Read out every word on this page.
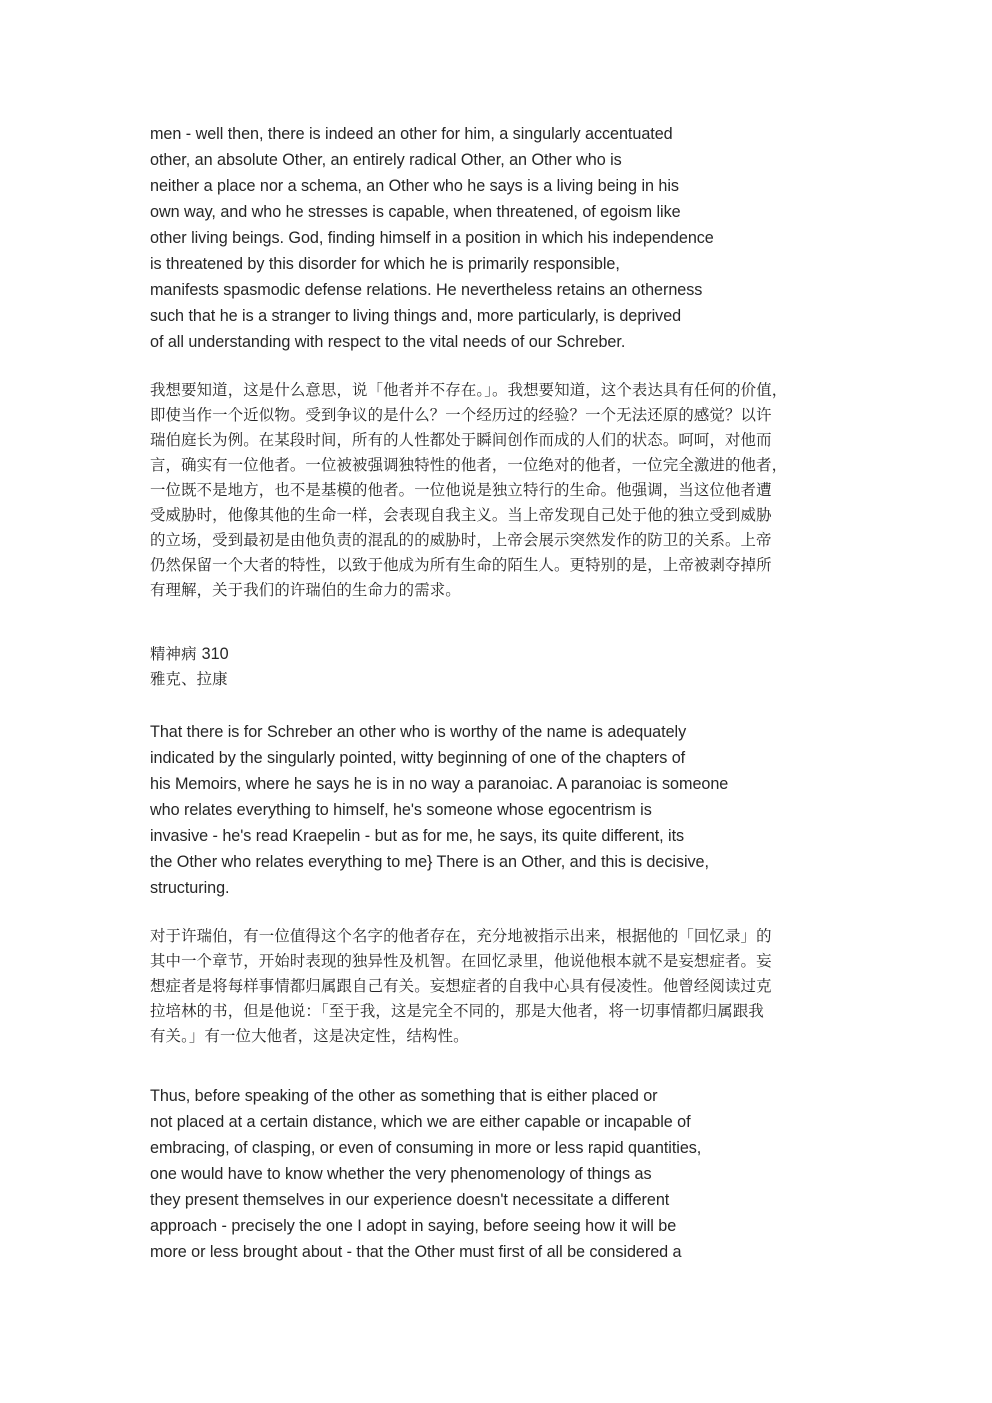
men - well then, there is indeed an other for him, a singularly accentuated
other, an absolute Other, an entirely radical Other, an Other who is
neither a place nor a schema, an Other who he says is a living being in his
own way, and who he stresses is capable, when threatened, of egoism like
other living beings. God, finding himself in a position in which his independence
is threatened by this disorder for which he is primarily responsible,
manifests spasmodic defense relations. He nevertheless retains an otherness
such that he is a stranger to living things and, more particularly, is deprived
of all understanding with respect to the vital needs of our Schreber.
我想要知道，这是什么意思，说「他者并不存在。」。我想要知道，这个表达具有任何的价值，
即使当作一个近似物。受到争议的是什么？一个经历过的经验？一个无法还原的感觉？以许
瑞伯庭长为例。在某段时间，所有的人性都处于瞬间创作而成的人们的状态。呵呵，对他而
言，确实有一位他者。一位被被强调独特性的他者，一位绝对的他者，一位完全激进的他者，
一位既不是地方，也不是基模的他者。一位他说是独立特行的生命。他强调，当这位他者遭
受威胁时，他像其他的生命一样，会表现自我主义。当上帝发现自己处于他的独立受到威胁
的立场，受到最初是由他负责的混乱的的威胁时，上帝会展示突然发作的防卫的关系。上帝
仍然保留一个大者的特性，以致于他成为所有生命的陌生人。更特别的是，上帝被剥夺掉所
有理解，关于我们的许瑞伯的生命力的需求。
精神病 310
雅克、拉康
That there is for Schreber an other who is worthy of the name is adequately
indicated by the singularly pointed, witty beginning of one of the chapters of
his Memoirs, where he says he is in no way a paranoiac. A paranoiac is someone
who relates everything to himself, he's someone whose egocentrism is
invasive - he's read Kraepelin - but as for me, he says, its quite different, its
the Other who relates everything to me} There is an Other, and this is decisive,
structuring.
对于许瑞伯，有一位值得这个名字的他者存在，充分地被指示出来，根据他的「回忆录」的
其中一个章节，开始时表现的独异性及机智。在回忆录里，他说他根本就不是妄想症者。妄
想症者是将每样事情都归属跟自己有关。妄想症者的自我中心具有侵凌性。他曾经阅读过克
拉培林的书，但是他说：「至于我，这是完全不同的，那是大他者，将一切事情都归属跟我
有关。」有一位大他者，这是决定性，结构性。
Thus, before speaking of the other as something that is either placed or
not placed at a certain distance, which we are either capable or incapable of
embracing, of clasping, or even of consuming in more or less rapid quantities,
one would have to know whether the very phenomenology of things as
they present themselves in our experience doesn't necessitate a different
approach - precisely the one I adopt in saying, before seeing how it will be
more or less brought about - that the Other must first of all be considered a
